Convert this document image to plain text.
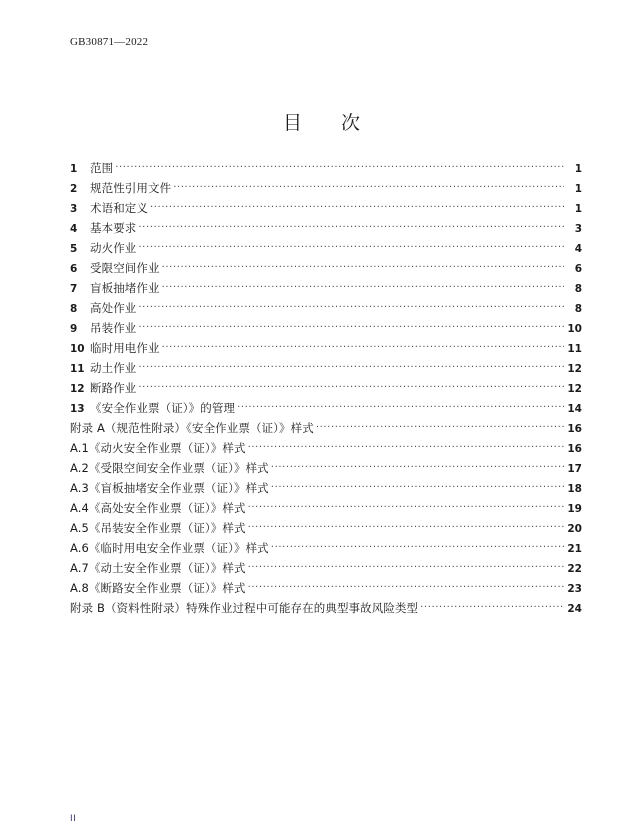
GB30871—2022
目　次
1	范围 .....	1
2	规范性引用文件 .....	1
3	术语和定义 .....	1
4	基本要求 .....	3
5	动火作业 .....	4
6	受限空间作业 .....	6
7	盲板抽堵作业 .....	8
8	高处作业 .....	8
9	吊装作业 .....	10
10 临时用电作业 .....	11
11 动土作业 .....	12
12 断路作业 .....	12
13 《安全作业票（证）》的管理 .....	14
附录 A（规范性附录）《安全作业票（证）》样式 .....	16
A.1《动火安全作业票（证）》样式 .....	16
A.2《受限空间安全作业票（证）》样式 .....	17
A.3《盲板抽堵安全作业票（证）》样式 .....	18
A.4《高处安全作业票（证）》样式 .....	19
A.5《吊装安全作业票（证）》样式 .....	20
A.6《临时用电安全作业票（证）》样式 .....	21
A.7《动土安全作业票（证）》样式 .....	22
A.8《断路安全作业票（证）》样式 .....	23
附录 B（资料性附录）特殊作业过程中可能存在的典型事故风险类型 .....	24
II
